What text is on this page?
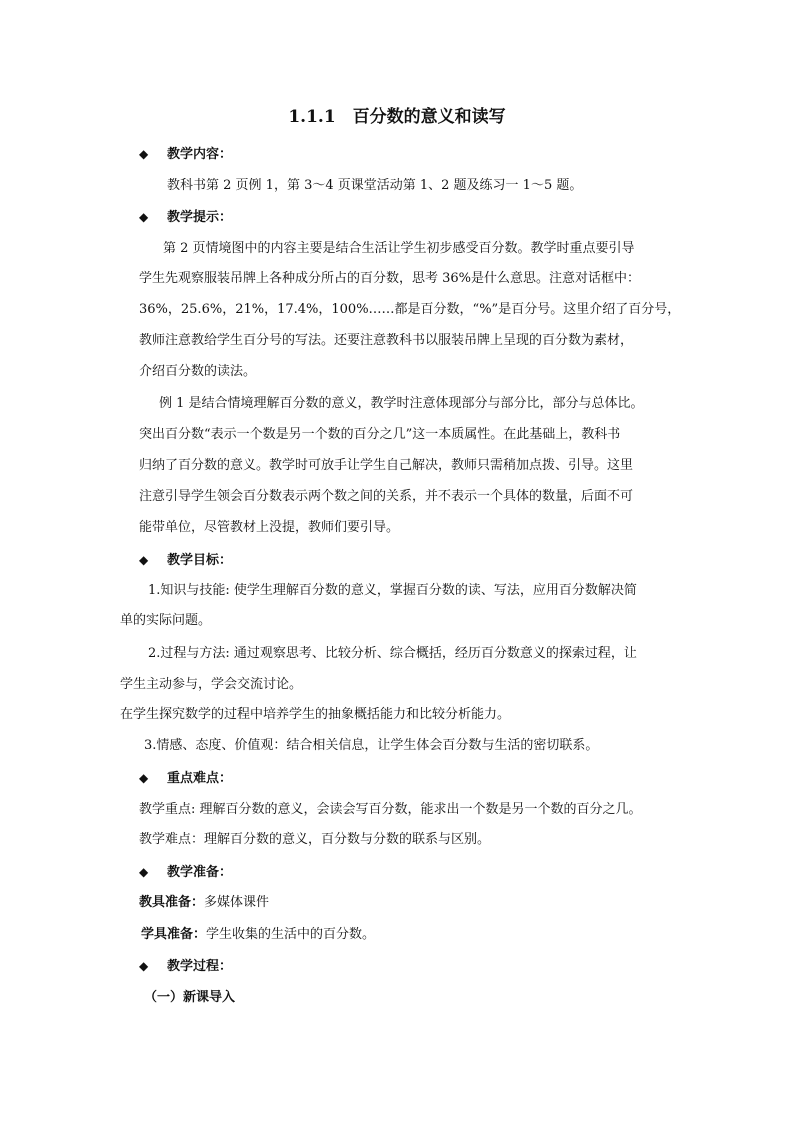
1.1.1　百分数的意义和读写
◆ 教学内容：
教科书第 2 页例 1，第 3～4 页课堂活动第 1、2 题及练习一 1～5 题。
◆ 教学提示：
第 2 页情境图中的内容主要是结合生活让学生初步感受百分数。教学时重点要引导
学生先观察服装吊牌上各种成分所占的百分数，思考 36%是什么意思。注意对话框中：
36%，25.6%，21%，17.4%，100%……都是百分数，“%”是百分号。这里介绍了百分号，
教师注意教给学生百分号的写法。还要注意教科书以服装吊牌上呈现的百分数为素材，
介绍百分数的读法。
例 1 是结合情境理解百分数的意义，教学时注意体现部分与部分比，部分与总体比。
突出百分数“表示一个数是另一个数的百分之几”这一本质属性。在此基础上，教科书
归纳了百分数的意义。教学时可放手让学生自己解决，教师只需稍加点拨、引导。这里
注意引导学生领会百分数表示两个数之间的关系，并不表示一个具体的数量，后面不可
能带单位，尽管教材上没提，教师们要引导。
◆ 教学目标：
1.知识与技能: 使学生理解百分数的意义，掌握百分数的读、写法，应用百分数解决简
单的实际问题。
2.过程与方法: 通过观察思考、比较分析、综合概括，经历百分数意义的探索过程，让
学生主动参与，学会交流讨论。
在学生探究数学的过程中培养学生的抽象概括能力和比较分析能力。
3.情感、态度、价值观：结合相关信息，让学生体会百分数与生活的密切联系。
◆ 重点难点：
教学重点: 理解百分数的意义，会读会写百分数，能求出一个数是另一个数的百分之几。
教学难点：理解百分数的意义，百分数与分数的联系与区别。
◆ 教学准备：
教具准备：多媒体课件
学具准备：学生收集的生活中的百分数。
◆ 教学过程：
（一）新课导入
